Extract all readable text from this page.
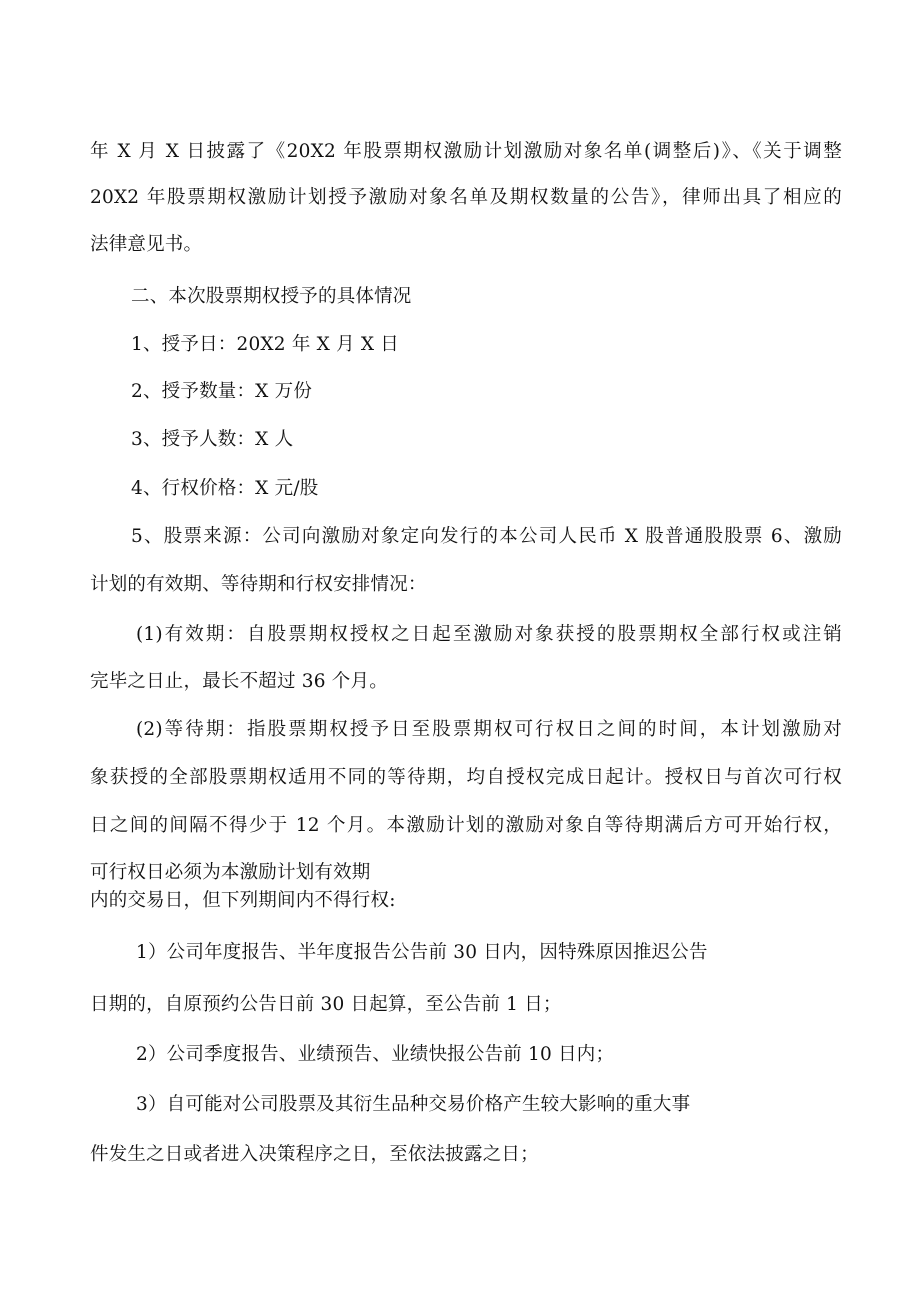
年 X 月 X 日披露了《20X2 年股票期权激励计划激励对象名单(调整后)》、《关于调整
20X2 年股票期权激励计划授予激励对象名单及期权数量的公告》，律师出具了相应的
法律意见书。
二、本次股票期权授予的具体情况
1、授予日：20X2 年 X 月 X 日
2、授予数量：X 万份
3、授予人数：X 人
4、行权价格：X 元/股
5、股票来源：公司向激励对象定向发行的本公司人民币 X 股普通股股票 6、激励
计划的有效期、等待期和行权安排情况：
(1)有效期：自股票期权授权之日起至激励对象获授的股票期权全部行权或注销
完毕之日止，最长不超过 36 个月。
(2)等待期：指股票期权授予日至股票期权可行权日之间的时间，本计划激励对
象获授的全部股票期权适用不同的等待期，均自授权完成日起计。授权日与首次可行权
日之间的间隔不得少于 12 个月。本激励计划的激励对象自等待期满后方可开始行权，
可行权日必须为本激励计划有效期
内的交易日，但下列期间内不得行权:
1）公司年度报告、半年度报告公告前 30 日内，因特殊原因推迟公告
日期的，自原预约公告日前 30 日起算，至公告前 1 日；
2）公司季度报告、业绩预告、业绩快报公告前 10 日内；
3）自可能对公司股票及其衍生品种交易价格产生较大影响的重大事
件发生之日或者进入决策程序之日，至依法披露之日；
